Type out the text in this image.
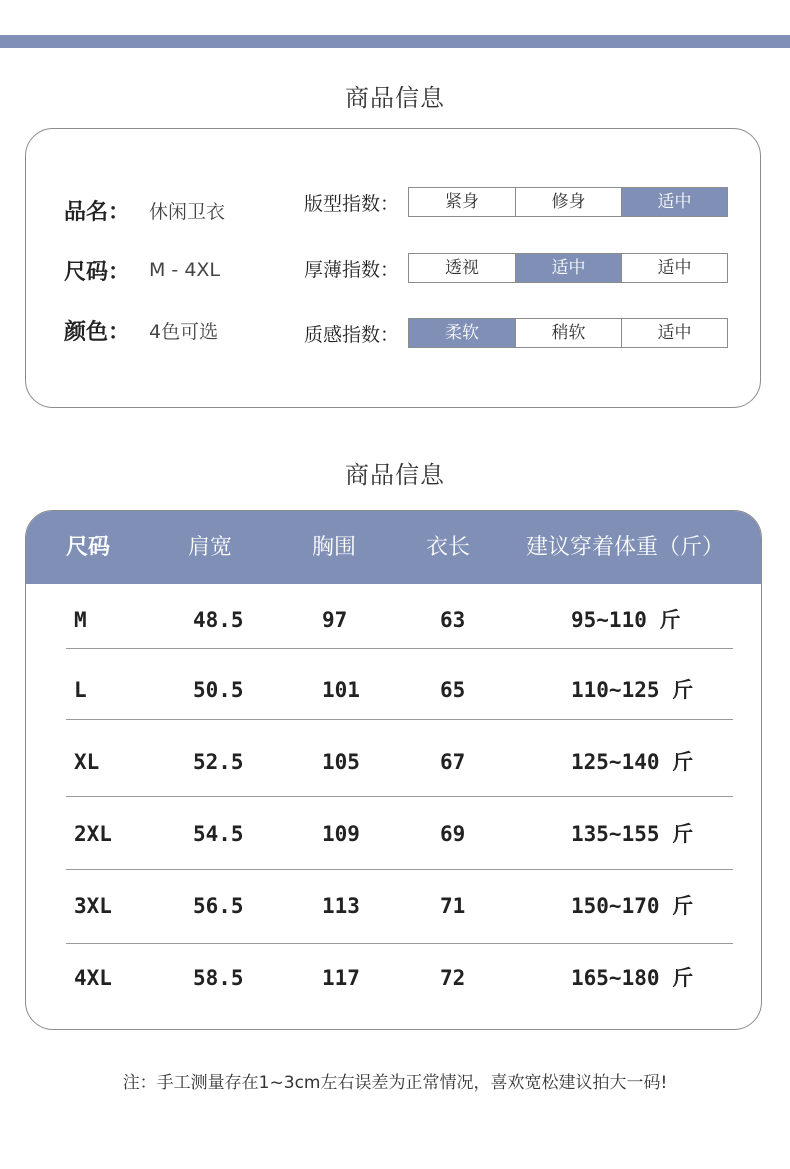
商品信息
品名： 休闲卫衣
尺码： M - 4XL
颜色： 4色可选
版型指数：	紧身	修身	适中
厚薄指数：	透视	适中	适中
质感指数：	柔软	稍软	适中
商品信息
尺码	肩宽	胸围	衣长	建议穿着体重（斤）
M	48.5	97	63	95~110 斤
L	50.5	101	65	110~125 斤
XL	52.5	105	67	125~140 斤
2XL	54.5	109	69	135~155 斤
3XL	56.5	113	71	150~170 斤
4XL	58.5	117	72	165~180 斤
注：手工测量存在1~3cm左右误差为正常情况，喜欢宽松建议拍大一码!
